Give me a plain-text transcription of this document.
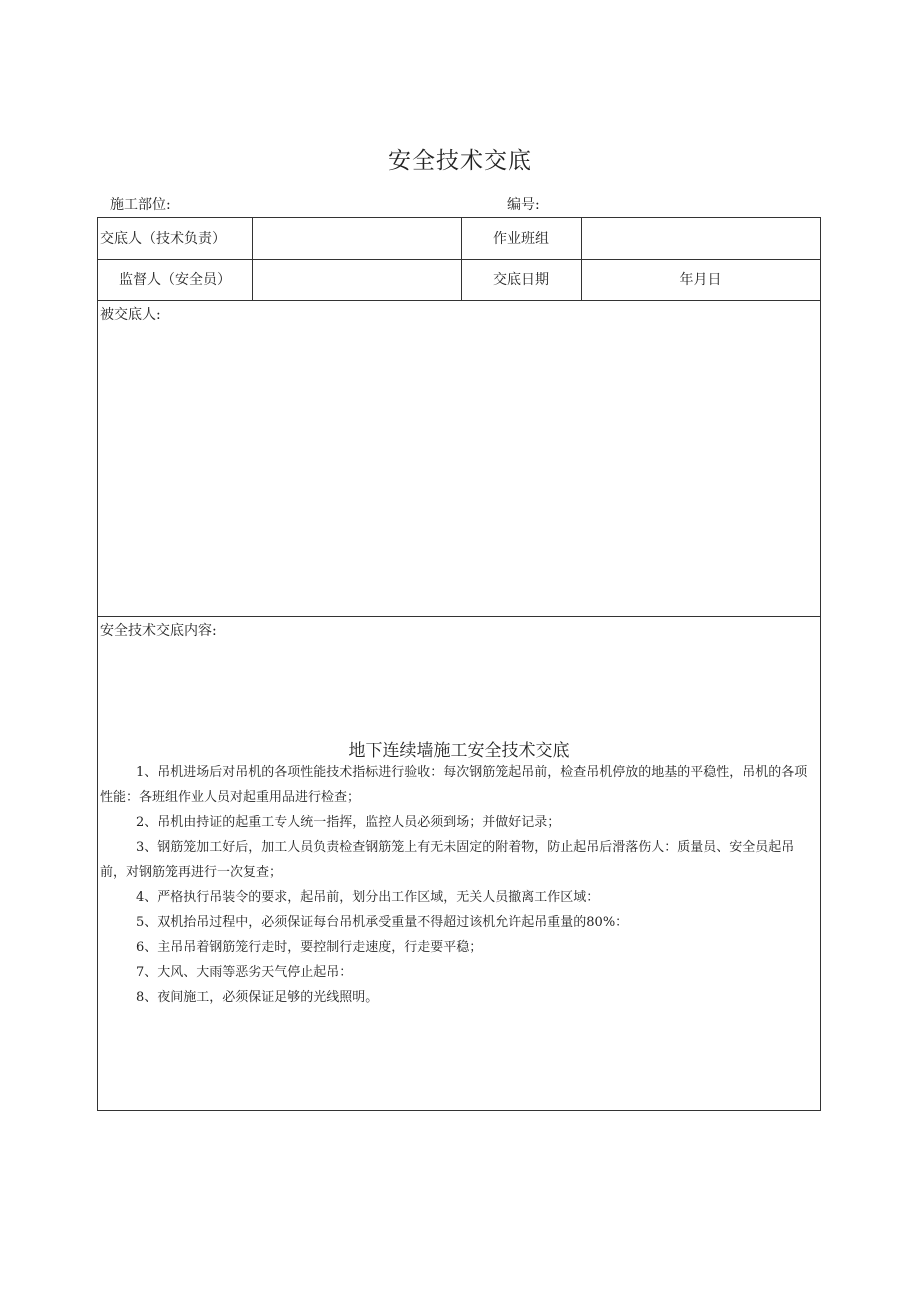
安全技术交底
施工部位:	编号:
交底人（技术负责）	作业班组
监督人（安全员）	交底日期	年月日
被交底人:
安全技术交底内容:
地下连续墙施工安全技术交底

1、吊机进场后对吊机的各项性能技术指标进行验收：每次钢筋笼起吊前，检查吊机停放的地基的平稳性，吊机的各项性能：各班组作业人员对起重用品进行检查；

2、吊机由持证的起重工专人统一指挥，监控人员必须到场；并做好记录；

3、钢筋笼加工好后，加工人员负责检查钢筋笼上有无未固定的附着物，防止起吊后滑落伤人：质量员、安全员起吊前，对钢筋笼再进行一次复查；

4、严格执行吊装令的要求，起吊前，划分出工作区域，无关人员撤离工作区域：

5、双机抬吊过程中，必须保证每台吊机承受重量不得超过该机允许起吊重量的80%：

6、主吊吊着钢筋笼行走时，要控制行走速度，行走要平稳；

7、大风、大雨等恶劣天气停止起吊：

8、夜间施工，必须保证足够的光线照明。
